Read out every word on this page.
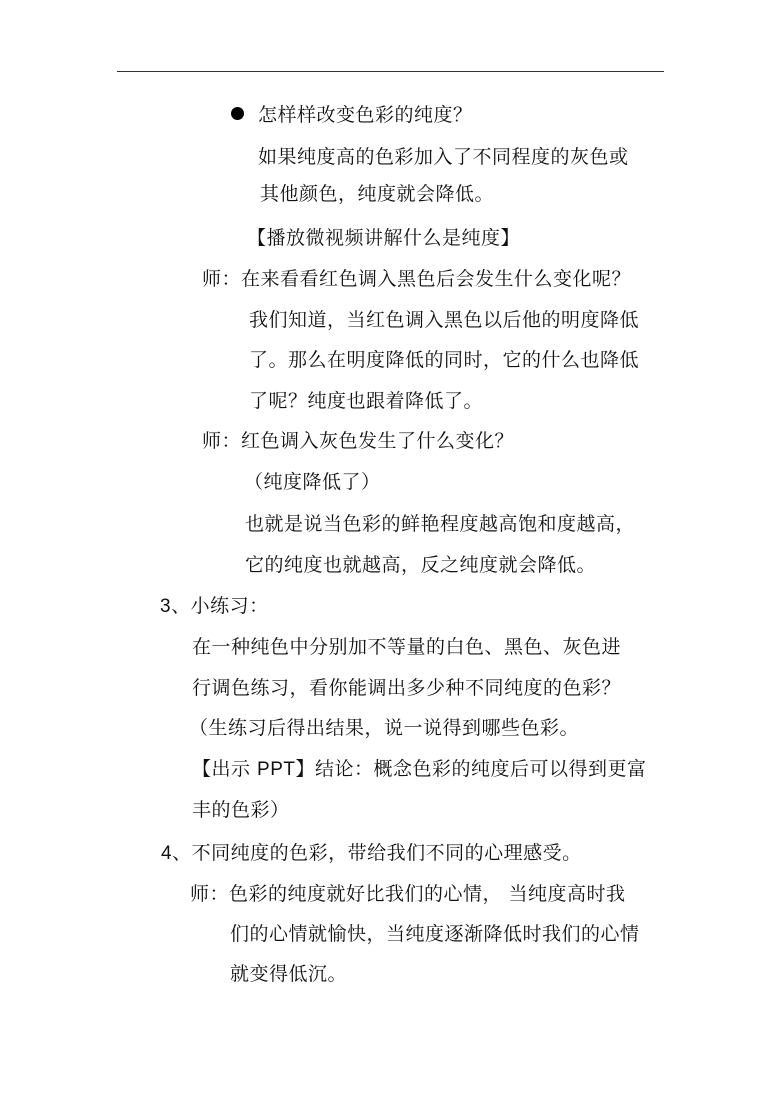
怎样样改变色彩的纯度？
如果纯度高的色彩加入了不同程度的灰色或
其他颜色，纯度就会降低。
【播放微视频讲解什么是纯度】
师：在来看看红色调入黑色后会发生什么变化呢？
我们知道，当红色调入黑色以后他的明度降低
了。那么在明度降低的同时，它的什么也降低
了呢？纯度也跟着降低了。
师：红色调入灰色发生了什么变化？
（纯度降低了）
也就是说当色彩的鲜艳程度越高饱和度越高，
它的纯度也就越高，反之纯度就会降低。
3、小练习：
在一种纯色中分别加不等量的白色、黑色、灰色进
行调色练习，看你能调出多少种不同纯度的色彩？
（生练习后得出结果，说一说得到哪些色彩。
【出示 PPT】结论：概念色彩的纯度后可以得到更富
丰的色彩）
4、不同纯度的色彩，带给我们不同的心理感受。
师：色彩的纯度就好比我们的心情， 当纯度高时我
们的心情就愉快，当纯度逐渐降低时我们的心情
就变得低沉。
